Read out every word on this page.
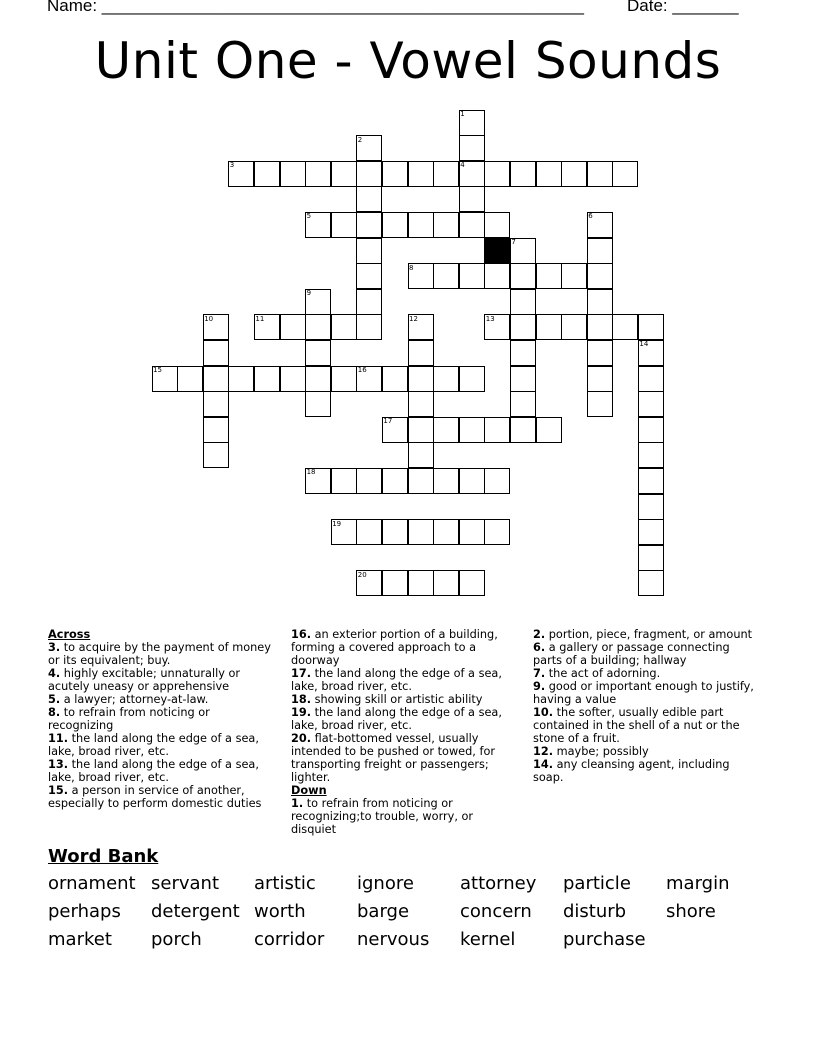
Name: ___________________________________________________	Date: _______
Unit One - Vowel Sounds
1
2
3	4
5	6
7
8
9
10	11	12	13
14
15	16
17
18
19
20

Across

3. to acquire by the payment of money or its equivalent; buy.

4. highly excitable; unnaturally or acutely uneasy or apprehensive

5. a lawyer; attorney-at-law.

8. to refrain from noticing or recognizing

11. the land along the edge of a sea, lake, broad river, etc.

13. the land along the edge of a sea, lake, broad river, etc.

15. a person in service of another, especially to perform domestic duties

16. an exterior portion of a building, forming a covered approach to a doorway

17. the land along the edge of a sea, lake, broad river, etc.

18. showing skill or artistic ability

19. the land along the edge of a sea, lake, broad river, etc.

20. flat-bottomed vessel, usually intended to be pushed or towed, for transporting freight or passengers; lighter.

Down

1. to refrain from noticing or recognizing;to trouble, worry, or disquiet

2. portion, piece, fragment, or amount

6. a gallery or passage connecting parts of a building; hallway

7. the act of adorning.

9. good or important enough to justify, having a value

10. the softer, usually edible part contained in the shell of a nut or the stone of a fruit.

12. maybe; possibly

14. any cleansing agent, including soap.

Word Bank
ornament servant artistic ignore	attorney particle margin
perhaps detergent worth	barge	concern disturb shore
market porch	corridor nervous kernel	purchase
